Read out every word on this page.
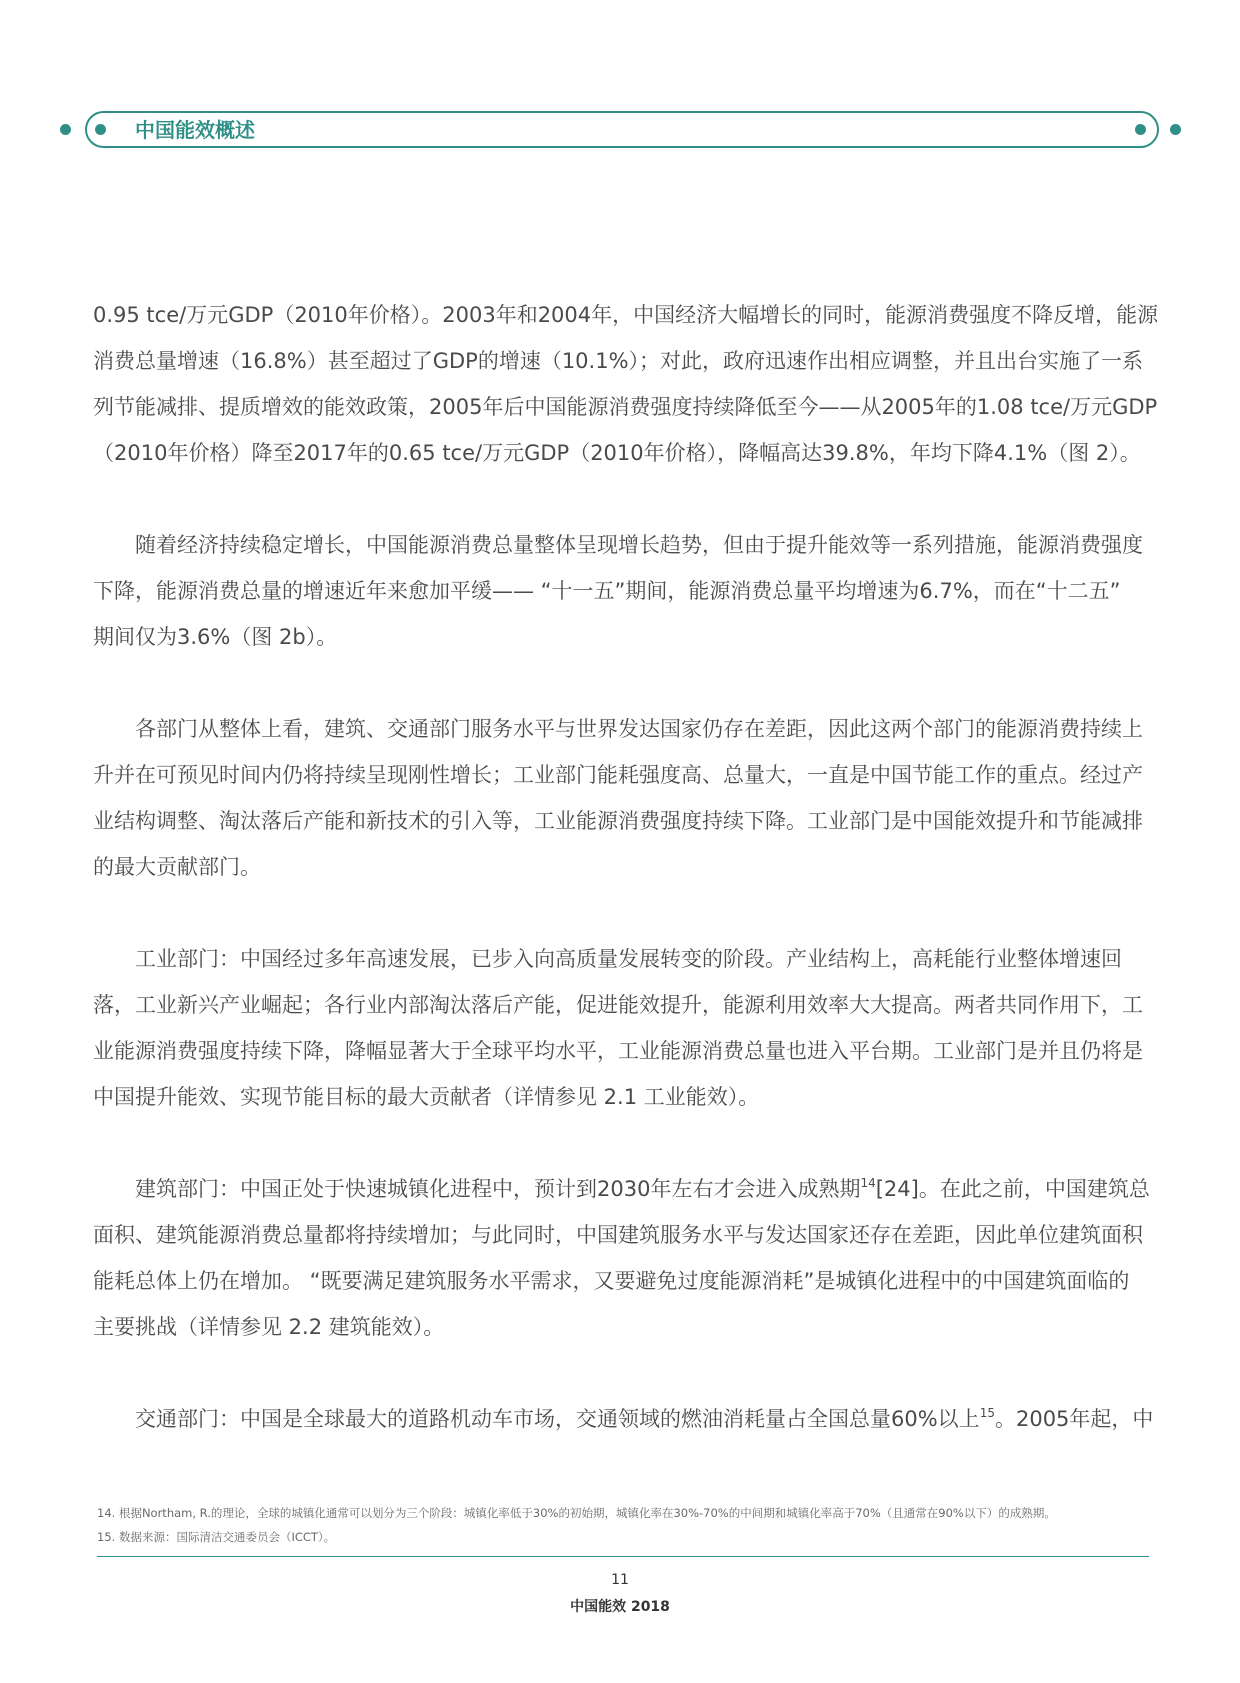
中国能效概述
0.95 tce/万元GDP（2010年价格）。2003年和2004年，中国经济大幅增长的同时，能源消费强度不降反增，能源
消费总量增速（16.8%）甚至超过了GDP的增速（10.1%）；对此，政府迅速作出相应调整，并且出台实施了一系
列节能减排、提质增效的能效政策，2005年后中国能源消费强度持续降低至今——从2005年的1.08 tce/万元GDP
（2010年价格）降至2017年的0.65 tce/万元GDP（2010年价格），降幅高达39.8%，年均下降4.1%（图 2）。
随着经济持续稳定增长，中国能源消费总量整体呈现增长趋势，但由于提升能效等一系列措施，能源消费强度
下降，能源消费总量的增速近年来愈加平缓—— “十一五”期间，能源消费总量平均增速为6.7%，而在“十二五”
期间仅为3.6%（图 2b）。
各部门从整体上看，建筑、交通部门服务水平与世界发达国家仍存在差距，因此这两个部门的能源消费持续上
升并在可预见时间内仍将持续呈现刚性增长；工业部门能耗强度高、总量大，一直是中国节能工作的重点。经过产
业结构调整、淘汰落后产能和新技术的引入等，工业能源消费强度持续下降。工业部门是中国能效提升和节能减排
的最大贡献部门。
工业部门：中国经过多年高速发展，已步入向高质量发展转变的阶段。产业结构上，高耗能行业整体增速回
落，工业新兴产业崛起；各行业内部淘汰落后产能，促进能效提升，能源利用效率大大提高。两者共同作用下，工
业能源消费强度持续下降，降幅显著大于全球平均水平，工业能源消费总量也进入平台期。工业部门是并且仍将是
中国提升能效、实现节能目标的最大贡献者（详情参见 2.1 工业能效）。
建筑部门：中国正处于快速城镇化进程中，预计到2030年左右才会进入成熟期$^{14}$[24]。在此之前，中国建筑总
面积、建筑能源消费总量都将持续增加；与此同时，中国建筑服务水平与发达国家还存在差距，因此单位建筑面积
能耗总体上仍在增加。 “既要满足建筑服务水平需求，又要避免过度能源消耗”是城镇化进程中的中国建筑面临的
主要挑战（详情参见 2.2 建筑能效）。
交通部门：中国是全球最大的道路机动车市场，交通领域的燃油消耗量占全国总量60%以上$^{15}$。2005年起，中
14. 根据Northam, R.的理论，全球的城镇化通常可以划分为三个阶段：城镇化率低于30%的初始期，城镇化率在30%-70%的中间期和城镇化率高于70%（且通常在90%以下）的成熟期。
15. 数据来源：国际清洁交通委员会（ICCT）。
11
中国能效 2018
